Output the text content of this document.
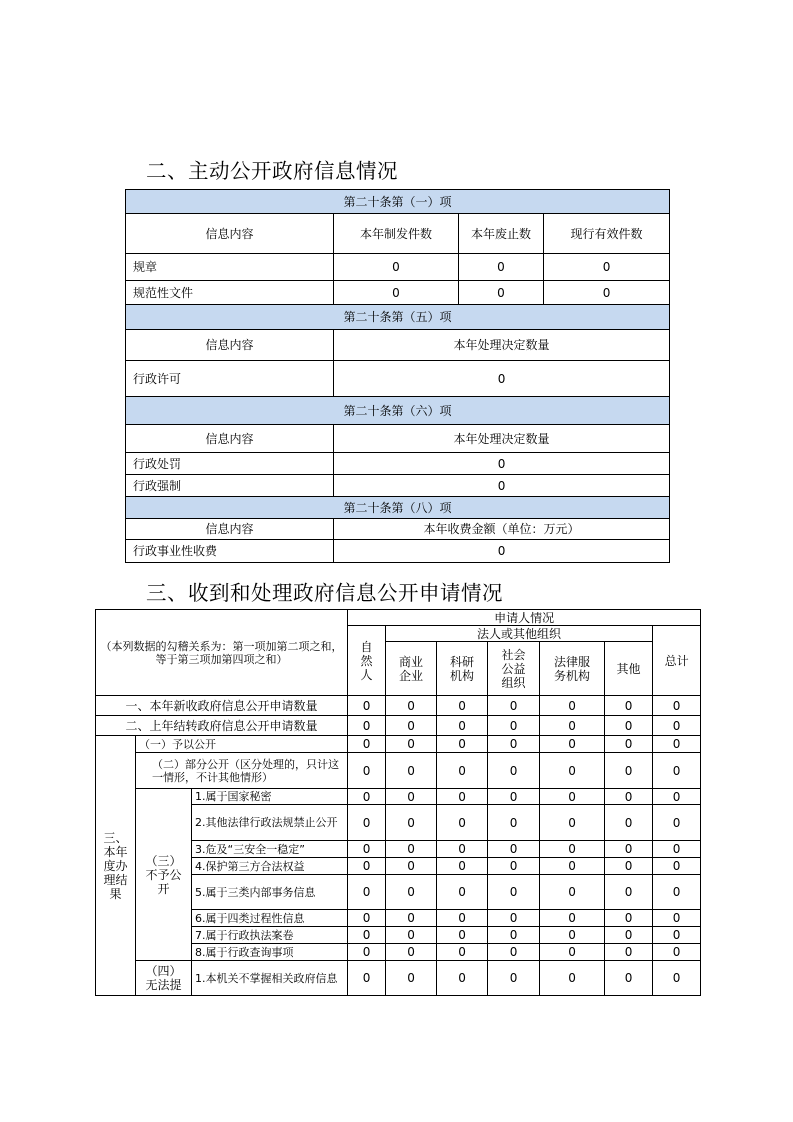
二、主动公开政府信息情况
第二十条第（一）项			
信息内容	本年制发件数	本年废止数	现行有效件数
规章	0	0	0
规范性文件	0	0	0
第二十条第（五）项			
信息内容	本年处理决定数量		
行政许可	0		
第二十条第（六）项			
信息内容	本年处理决定数量		
行政处罚	0		
行政强制	0		
第二十条第（八）项			
信息内容	本年收费金额（单位：万元）		
行政事业性收费	0		
三、收到和处理政府信息公开申请情况
（本列数据的勾稽关系为：第一项加第二项之和，等于第三项加第四项之和）			申请人情况						
			自然人	法人或其他组织					总计
				商业企业	科研机构	社会公益组织	法律服务机构	其他	
一、本年新收政府信息公开申请数量			0	0	0	0	0	0	0
二、上年结转政府信息公开申请数量			0	0	0	0	0	0	0
三、本年度办理结果	（一）予以公开		0	0	0	0	0	0	0
	（二）部分公开（区分处理的，只计这一情形，不计其他情形）		0	0	0	0	0	0	0
	（三）不予公开	1.属于国家秘密	0	0	0	0	0	0	0
		2.其他法律行政法规禁止公开	0	0	0	0	0	0	0
		3.危及“三安全一稳定”	0	0	0	0	0	0	0
		4.保护第三方合法权益	0	0	0	0	0	0	0
		5.属于三类内部事务信息	0	0	0	0	0	0	0
		6.属于四类过程性信息	0	0	0	0	0	0	0
		7.属于行政执法案卷	0	0	0	0	0	0	0
		8.属于行政查询事项	0	0	0	0	0	0	0
	（四）无法提	1.本机关不掌握相关政府信息	0	0	0	0	0	0	0
